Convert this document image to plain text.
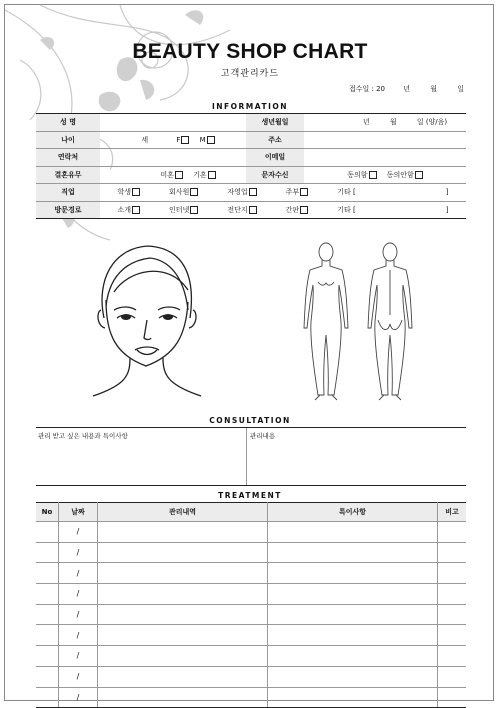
BEAUTY SHOP CHART
고객관리카드
접수일 : 20	년	월	일
INFORMATION
성 명		생년월일	년 월 일 (양/음)
나이	세 F M	주소	
연락처		이메일	
결혼유무	미혼 기혼	문자수신	동의함 동의안함
직업	학생 회사원 자영업 주부 기타 [ ]		

방문경로	소개 인터넷 전단지 간판 기타 [ ]		
CONSULTATION
관리 받고 싶은 내용과 특이사항	관리내용
TREATMENT
No	날짜	관리내역	특이사항	비고
	/			
	/			
	/			
	/			
	/			
	/			
	/			
	/			
	/			
